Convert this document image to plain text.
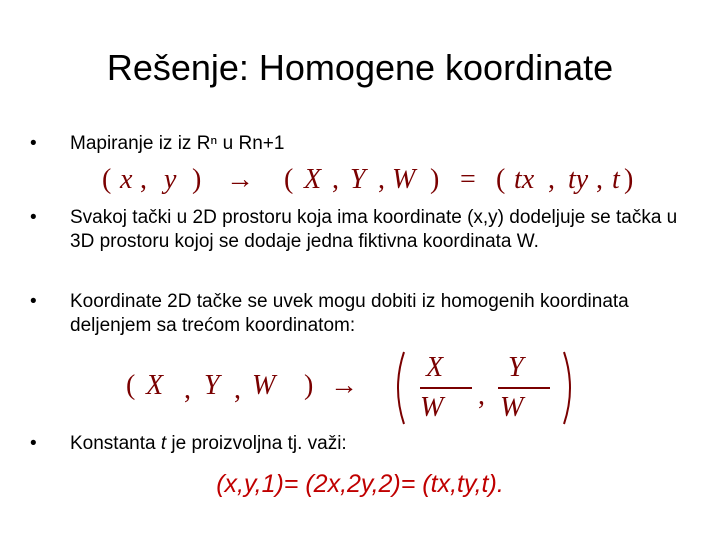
Rešenje: Homogene koordinate
•	Mapiranje iz iz Rⁿ u Rn+1
( x , y ) → ( X , Y , W ) = ( tx , ty , t )
•	Svakoj tački u 2D prostoru koja ima koordinate (x,y) dodeljuje se tačka u 3D prostoru kojoj se dodaje jedna fiktivna koordinata W.
•	Koordinate 2D tačke se uvek mogu dobiti iz homogenih koordinata deljenjem sa trećom koordinatom:
( X , Y , W ) →
X
W ,
Y
W
•	Konstanta t je proizvoljna tj. važi:
(x,y,1)= (2x,2y,2)= (tx,ty,t).
